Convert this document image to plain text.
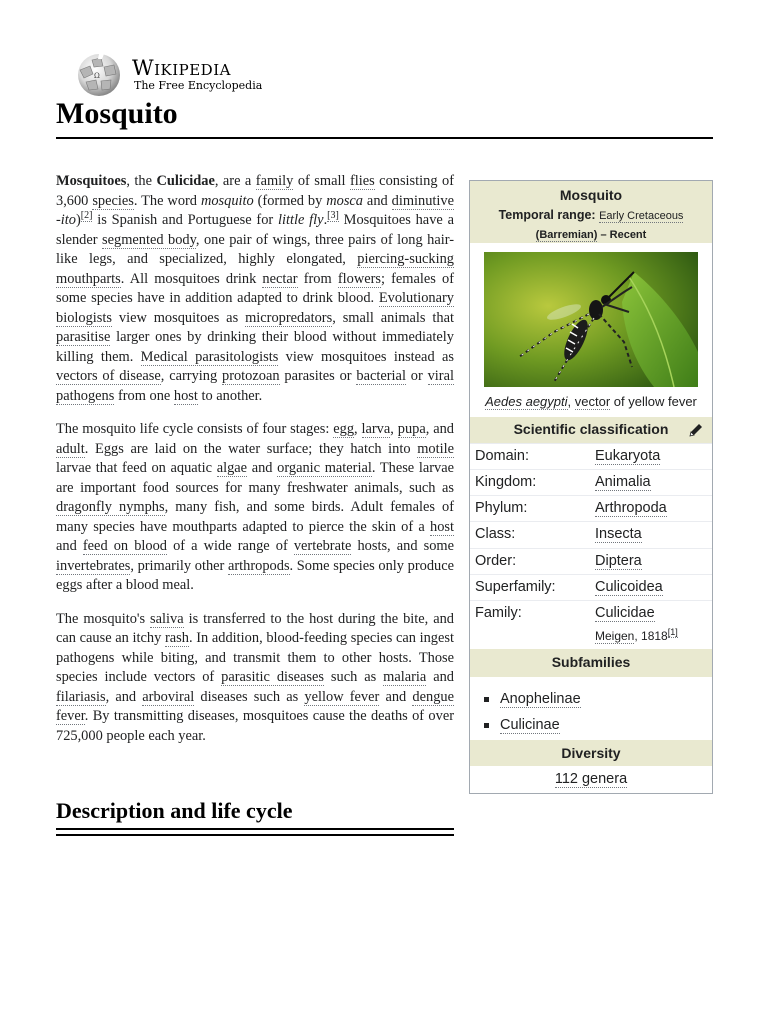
Ω Wikipedia
The Free Encyclopedia
Mosquito

Mosquitoes, the Culicidae, are a family of small flies consisting of 3,600 species. The word mosquito (formed by mosca and diminutive -ito)[2] is Spanish and Portuguese for little fly.[3] Mosquitoes have a slender segmented body, one pair of wings, three pairs of long hair-like legs, and specialized, highly elongated, piercing-sucking mouthparts. All mosquitoes drink nectar from flowers; females of some species have in addition adapted to drink blood. Evolutionary biologists view mosquitoes as micropredators, small animals that parasitise larger ones by drinking their blood without immediately killing them. Medical parasitologists view mosquitoes instead as vectors of disease, carrying protozoan parasites or bacterial or viral pathogens from one host to another.

The mosquito life cycle consists of four stages: egg, larva, pupa, and adult. Eggs are laid on the water surface; they hatch into motile larvae that feed on aquatic algae and organic material. These larvae are important food sources for many freshwater animals, such as dragonfly nymphs, many fish, and some birds. Adult females of many species have mouthparts adapted to pierce the skin of a host and feed on blood of a wide range of vertebrate hosts, and some invertebrates, primarily other arthropods. Some species only produce eggs after a blood meal.

The mosquito's saliva is transferred to the host during the bite, and can cause an itchy rash. In addition, blood-feeding species can ingest pathogens while biting, and transmit them to other hosts. Those species include vectors of parasitic diseases such as malaria and filariasis, and arboviral diseases such as yellow fever and dengue fever. By transmitting diseases, mosquitoes cause the deaths of over 725,000 people each year.

Description and life cycle
Mosquito
Temporal range: Early Cretaceous
(Barremian) – Recent
Aedes aegypti, vector of yellow fever
Scientific classification
Domain:	Eukaryota
Kingdom:	Animalia
Phylum:	Arthropoda
Class:	Insecta
Order:	Diptera
Superfamily:	Culicoidea
Family:	Culicidae
Meigen, 1818[1]
Subfamilies
Anophelinae
Culicinae
Diversity
112 genera
